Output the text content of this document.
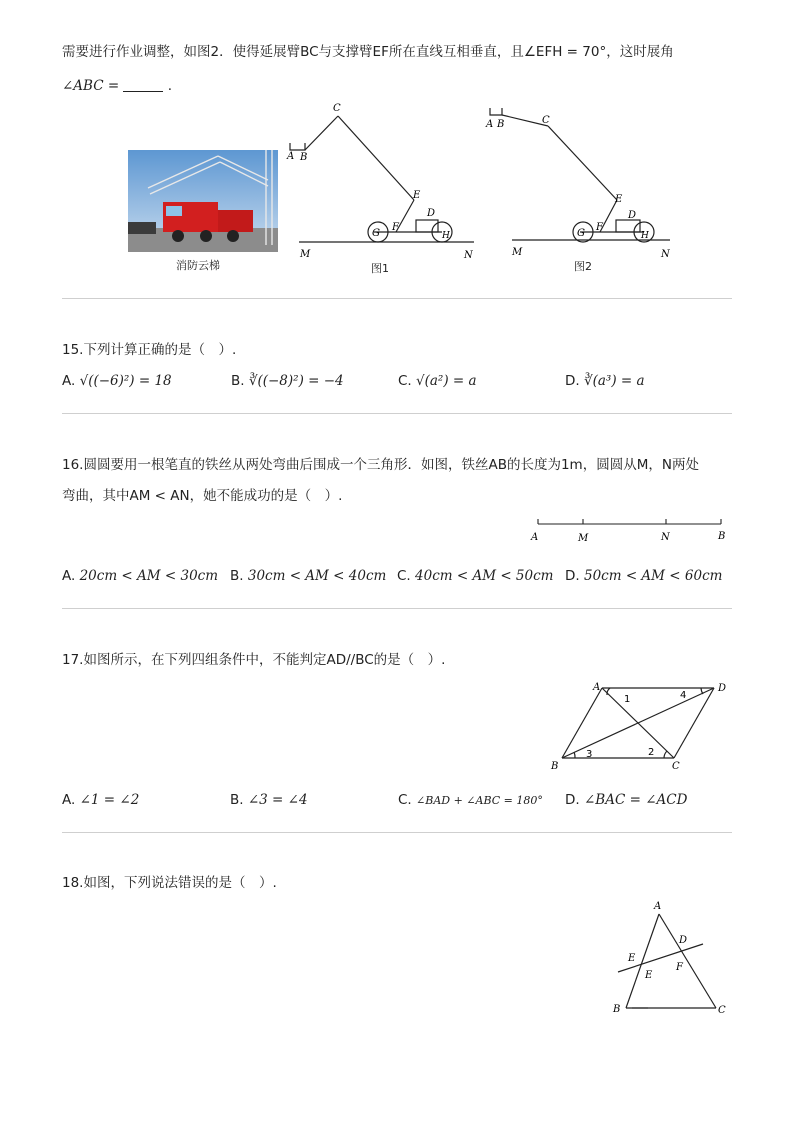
需要进行作业调整，如图2．使得延展臂BC与支撑臂EF所在直线互相垂直，且∠EFH = 70°，这时展角
∠ABC =	.
消防云梯
A B
C
E
D
F
G	H
M	N
图1
A B	C
E
D
F
G	H
M	N
图2
15.下列计算正确的是（　）.
A. √((−6)²) = 18	B. ∛((−8)²) = −4	C. √(a²) = a	D. ∛(a³) = a
16.圆圆要用一根笔直的铁丝从两处弯曲后围成一个三角形．如图，铁丝AB的长度为1m，圆圆从M，N两处
弯曲，其中AM < AN，她不能成功的是（　）.
A	M	N	B
A. 20cm < AM < 30cm B. 30cm < AM < 40cm C. 40cm < AM < 50cm D. 50cm < AM < 60cm
17.如图所示，在下列四组条件中，不能判定AD//BC的是（　）.
A	D
B	C
1
2
3
4
A. ∠1 = ∠2	B. ∠3 = ∠4	C. ∠BAD + ∠ABC = 180° D. ∠BAC = ∠ACD
18.如图，下列说法错误的是（　）.
A
D
E
E
F
B	C
